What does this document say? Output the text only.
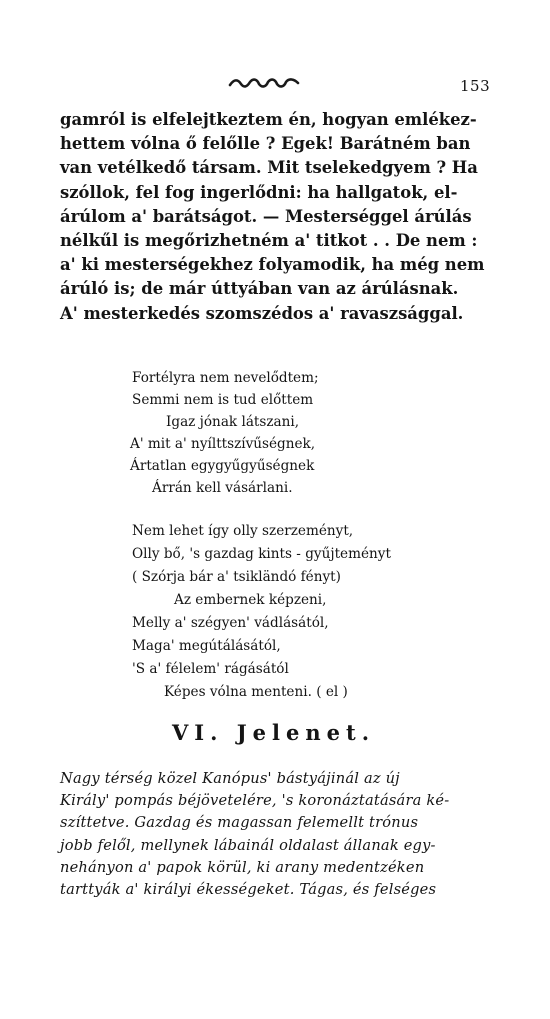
153
gamról is elfelejtkeztem én, hogyan emlékez-
hettem vólna ő felőlle ? Egek! Barátném ban
van vetélkedő társam. Mit tselekedgyem ? Ha
szóllok, fel fog ingerlődni: ha hallgatok, el-
árúlom a' barátságot. — Mesterséggel árúlás
nélkűl is megőrizhetném a' titkot . . De nem :
a' ki mesterségekhez folyamodik, ha még nem
árúló is; de már úttyában van az árúlásnak.
A' mesterkedés szomszédos a' ravaszsággal.
Fortélyra nem nevelődtem;
Semmi nem is tud előttem
Igaz jónak látszani,
A' mit a' nyílttszívűségnek,
Ártatlan egygyűgyűségnek
Árrán kell vásárlani.
Nem lehet így olly szerzeményt,
Olly bő, 's gazdag kints - gyűjteményt
( Szórja bár a' tsikländó fényt)
Az embernek képzeni,
Melly a' szégyen' vádlásától,
Maga' megútálásától,
'S a' félelem' rágásától
Képes vólna menteni. ( el )
VI. Jelenet.
Nagy térség közel Kanópus' bástyájinál az új
Király' pompás béjövetelére, 's koronáztatására ké-
szíttetve. Gazdag és magassan felemellt trónus
jobb felől, mellynek lábainál oldalast állanak egy-
nehányon a' papok körül, ki arany medentzéken
tarttyák a' királyi ékességeket. Tágas, és felséges
